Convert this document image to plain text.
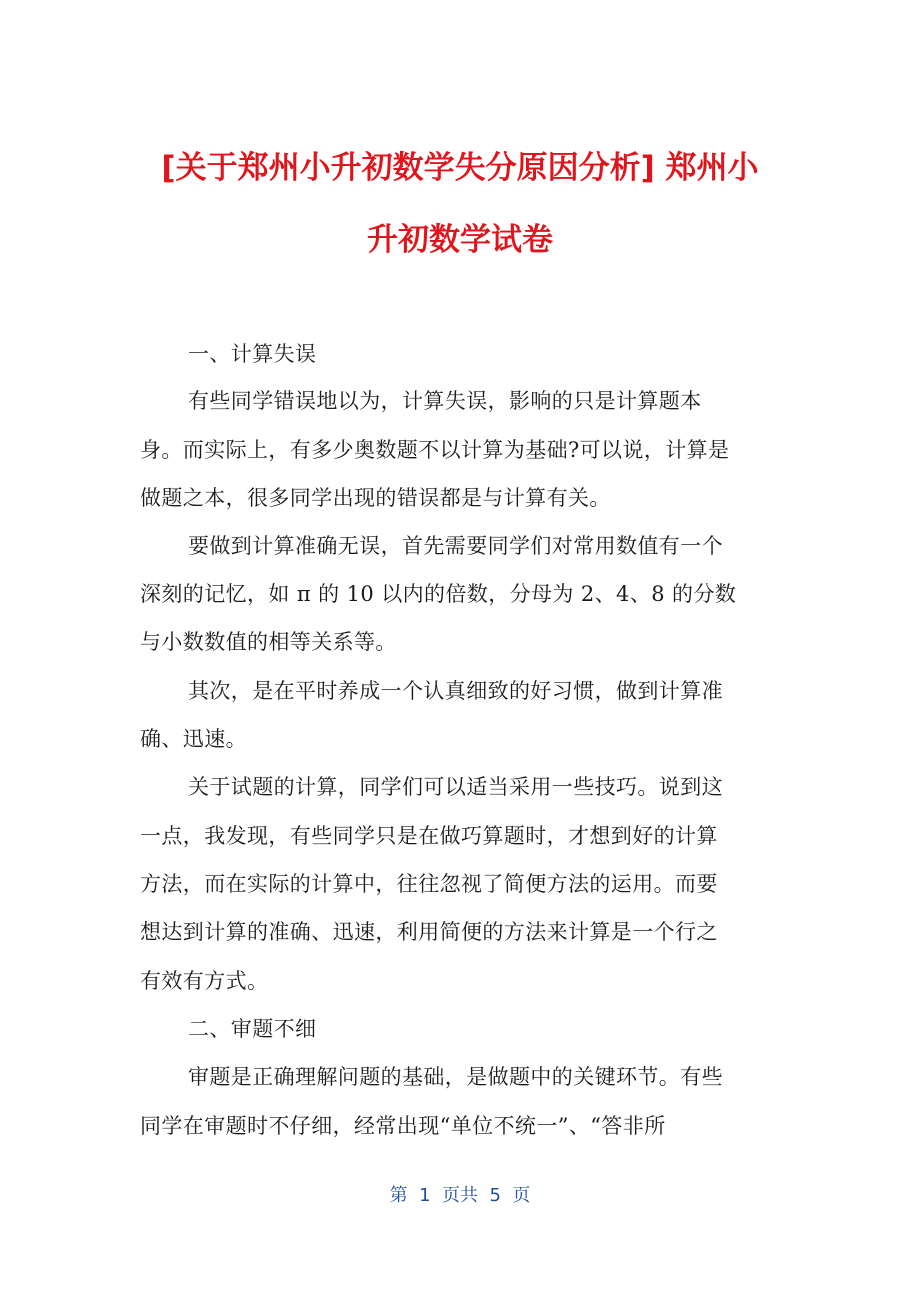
[关于郑州小升初数学失分原因分析] 郑州小
升初数学试卷
一、计算失误
有些同学错误地以为，计算失误，影响的只是计算题本
身。而实际上，有多少奥数题不以计算为基础?可以说，计算是
做题之本，很多同学出现的错误都是与计算有关。
要做到计算准确无误，首先需要同学们对常用数值有一个
深刻的记忆，如 π 的 10 以内的倍数，分母为 2、4、8 的分数
与小数数值的相等关系等。
其次，是在平时养成一个认真细致的好习惯，做到计算准
确、迅速。
关于试题的计算，同学们可以适当采用一些技巧。说到这
一点，我发现，有些同学只是在做巧算题时，才想到好的计算
方法，而在实际的计算中，往往忽视了简便方法的运用。而要
想达到计算的准确、迅速，利用简便的方法来计算是一个行之
有效有方式。
二、审题不细
审题是正确理解问题的基础，是做题中的关键环节。有些
同学在审题时不仔细，经常出现“单位不统一”、“答非所
第  1  页共  5  页
